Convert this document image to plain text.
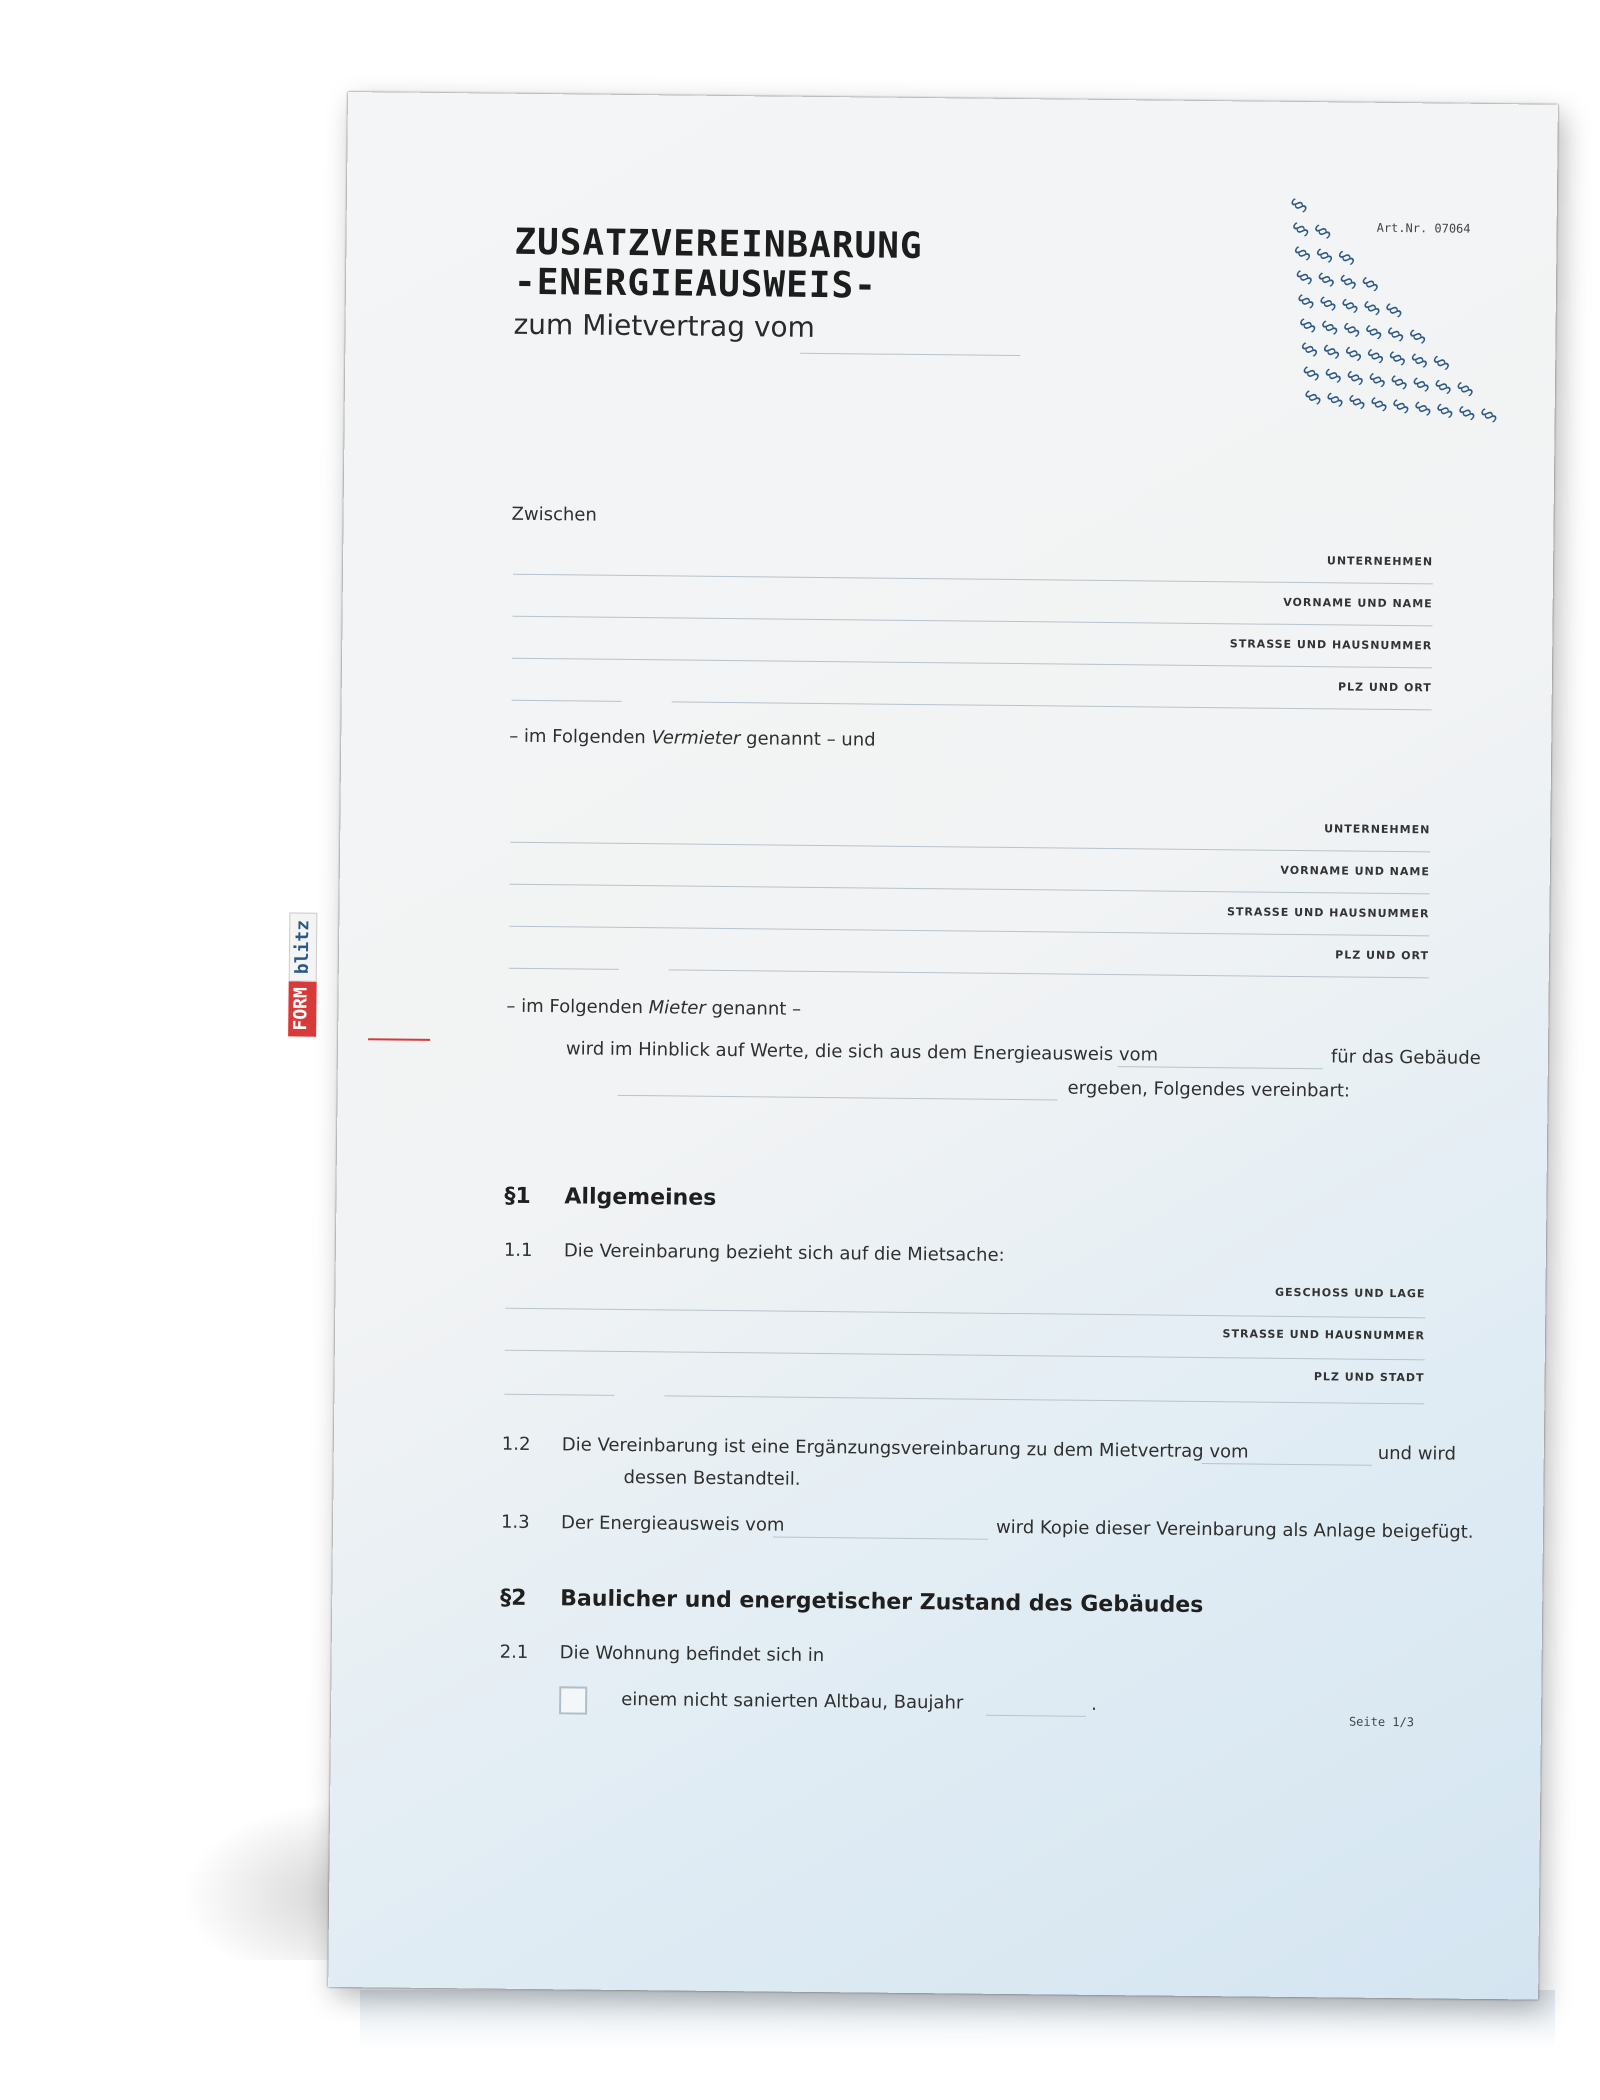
ZUSATZVEREINBARUNG
-ENERGIEAUSWEIS-
zum Mietvertrag vom
Art.Nr. 07064
§
§
§
§
§
§
§
§
§
§
§
§
§
§
§
§
§
§
§
§
§
§
§
§
§
§
§
§
§
§
§
§
§
§
§
§
§
§
§
§
§
§
§
§
§
Zwischen
UNTERNEHMEN
VORNAME UND NAME
STRASSE UND HAUSNUMMER
PLZ UND ORT
– im Folgenden Vermieter genannt – und
UNTERNEHMEN
VORNAME UND NAME
STRASSE UND HAUSNUMMER
PLZ UND ORT
– im Folgenden Mieter genannt –
wird im Hinblick auf Werte, die sich aus dem Energieausweis vom	für das Gebäude
ergeben, Folgendes vereinbart:
§1 Allgemeines
1.1 Die Vereinbarung bezieht sich auf die Mietsache:
GESCHOSS UND LAGE
STRASSE UND HAUSNUMMER
PLZ UND STADT
1.2 Die Vereinbarung ist eine Ergänzungsvereinbarung zu dem Mietvertrag vom	und wird
dessen Bestandteil.
1.3 Der Energieausweis vom	wird Kopie dieser Vereinbarung als Anlage beigefügt.
§2 Baulicher und energetischer Zustand des Gebäudes
2.1 Die Wohnung befindet sich in
einem nicht sanierten Altbau, Baujahr	.
Seite 1/3
FORM
blitz
